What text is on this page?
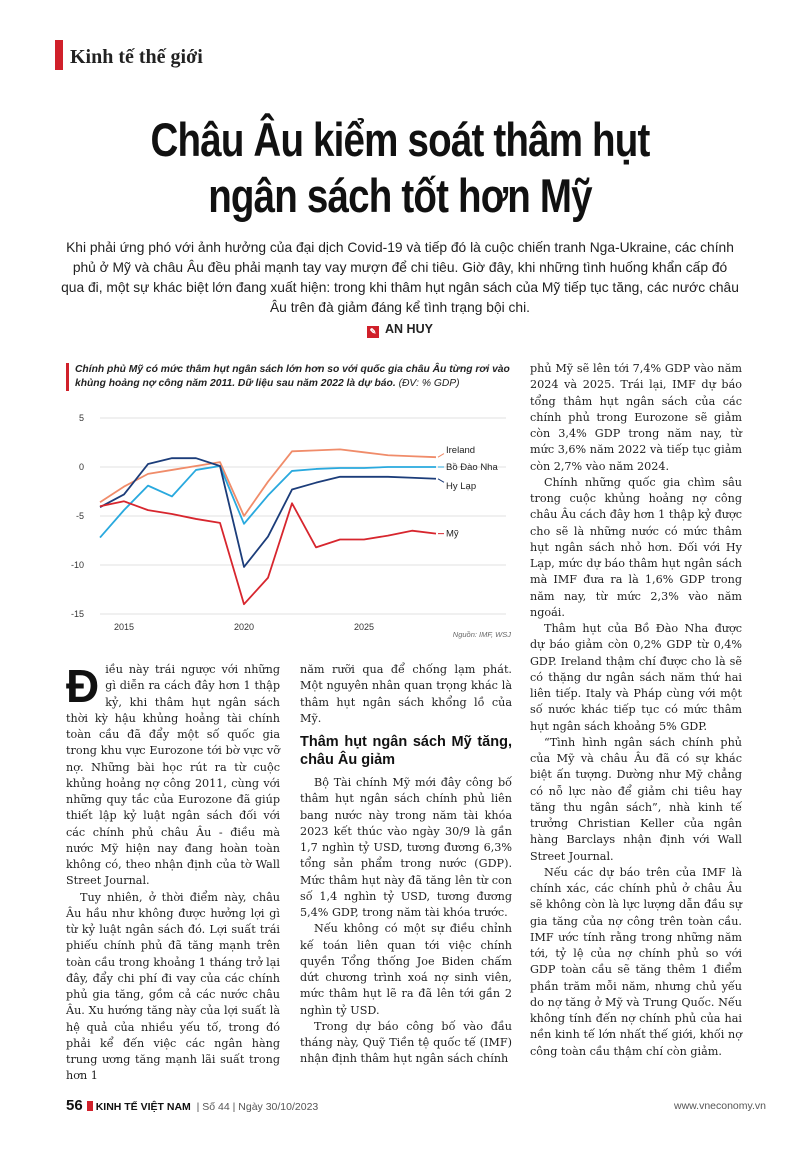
Kinh tế thế giới
Châu Âu kiểm soát thâm hụt
ngân sách tốt hơn Mỹ
Khi phải ứng phó với ảnh hưởng của đại dịch Covid-19 và tiếp đó là cuộc chiến tranh Nga-Ukraine, các chính phủ ở Mỹ và châu Âu đều phải mạnh tay vay mượn để chi tiêu. Giờ đây, khi những tình huống khẩn cấp đó qua đi, một sự khác biệt lớn đang xuất hiện: trong khi thâm hụt ngân sách của Mỹ tiếp tục tăng, các nước châu Âu trên đà giảm đáng kể tình trạng bội chi.
✎ AN HUY
Chính phủ Mỹ có mức thâm hụt ngân sách lớn hơn so với quốc gia châu Âu từng rơi vào khủng hoảng nợ công năm 2011. Dữ liệu sau năm 2022 là dự báo. (ĐV: % GDP)
5
0
-5
-10
-15
2015	2020	2025
Ireland
Bồ Đào Nha
Hy Lạp
Mỹ
Nguồn: IMF, WSJ

Điều này trái ngược với những gì diễn ra cách đây hơn 1 thập kỷ, khi thâm hụt ngân sách thời kỳ hậu khủng hoảng tài chính toàn cầu đã đẩy một số quốc gia trong khu vực Eurozone tới bờ vực vỡ nợ. Những bài học rút ra từ cuộc khủng hoảng nợ công 2011, cùng với những quy tắc của Eurozone đã giúp thiết lập kỷ luật ngân sách đối với các chính phủ châu Âu - điều mà nước Mỹ hiện nay đang hoàn toàn không có, theo nhận định của tờ Wall Street Journal.

Tuy nhiên, ở thời điểm này, châu Âu hầu như không được hưởng lợi gì từ kỷ luật ngân sách đó. Lợi suất trái phiếu chính phủ đã tăng mạnh trên toàn cầu trong khoảng 1 tháng trở lại đây, đẩy chi phí đi vay của các chính phủ gia tăng, gồm cả các nước châu Âu. Xu hướng tăng này của lợi suất là hệ quả của nhiều yếu tố, trong đó phải kể đến việc các ngân hàng trung ương tăng mạnh lãi suất trong hơn 1

năm rưỡi qua để chống lạm phát. Một nguyên nhân quan trọng khác là thâm hụt ngân sách khổng lồ của Mỹ.

Thâm hụt ngân sách Mỹ tăng, châu Âu giảm

Bộ Tài chính Mỹ mới đây công bố thâm hụt ngân sách chính phủ liên bang nước này trong năm tài khóa 2023 kết thúc vào ngày 30/9 là gần 1,7 nghìn tỷ USD, tương đương 6,3% tổng sản phẩm trong nước (GDP). Mức thâm hụt này đã tăng lên từ con số 1,4 nghìn tỷ USD, tương đương 5,4% GDP, trong năm tài khóa trước.

Nếu không có một sự điều chỉnh kế toán liên quan tới việc chính quyền Tổng thống Joe Biden chấm dứt chương trình xoá nợ sinh viên, mức thâm hụt lẽ ra đã lên tới gần 2 nghìn tỷ USD.

Trong dự báo công bố vào đầu tháng này, Quỹ Tiền tệ quốc tế (IMF) nhận định thâm hụt ngân sách chính

phủ Mỹ sẽ lên tới 7,4% GDP vào năm 2024 và 2025. Trái lại, IMF dự báo tổng thâm hụt ngân sách của các chính phủ trong Eurozone sẽ giảm còn 3,4% GDP trong năm nay, từ mức 3,6% năm 2022 và tiếp tục giảm còn 2,7% vào năm 2024.

Chính những quốc gia chìm sâu trong cuộc khủng hoảng nợ công châu Âu cách đây hơn 1 thập kỷ được cho sẽ là những nước có mức thâm hụt ngân sách nhỏ hơn. Đối với Hy Lạp, mức dự báo thâm hụt ngân sách mà IMF đưa ra là 1,6% GDP trong năm nay, từ mức 2,3% vào năm ngoái.

Thâm hụt của Bồ Đào Nha được dự báo giảm còn 0,2% GDP từ 0,4% GDP. Ireland thậm chí được cho là sẽ có thặng dư ngân sách năm thứ hai liên tiếp. Italy và Pháp cùng với một số nước khác tiếp tục có mức thâm hụt ngân sách khoảng 5% GDP.

“Tình hình ngân sách chính phủ của Mỹ và châu Âu đã có sự khác biệt ấn tượng. Dường như Mỹ chẳng có nỗ lực nào để giảm chi tiêu hay tăng thu ngân sách”, nhà kinh tế trưởng Christian Keller của ngân hàng Barclays nhận định với Wall Street Journal.

Nếu các dự báo trên của IMF là chính xác, các chính phủ ở châu Âu sẽ không còn là lực lượng dẫn đầu sự gia tăng của nợ công trên toàn cầu. IMF ước tính rằng trong những năm tới, tỷ lệ của nợ chính phủ so với GDP toàn cầu sẽ tăng thêm 1 điểm phần trăm mỗi năm, nhưng chủ yếu do nợ tăng ở Mỹ và Trung Quốc. Nếu không tính đến nợ chính phủ của hai nền kinh tế lớn nhất thế giới, khối nợ công toàn cầu thậm chí còn giảm.

56 KINH TẾ VIỆT NAM  | Số 44 | Ngày 30/10/2023	www.vneconomy.vn
